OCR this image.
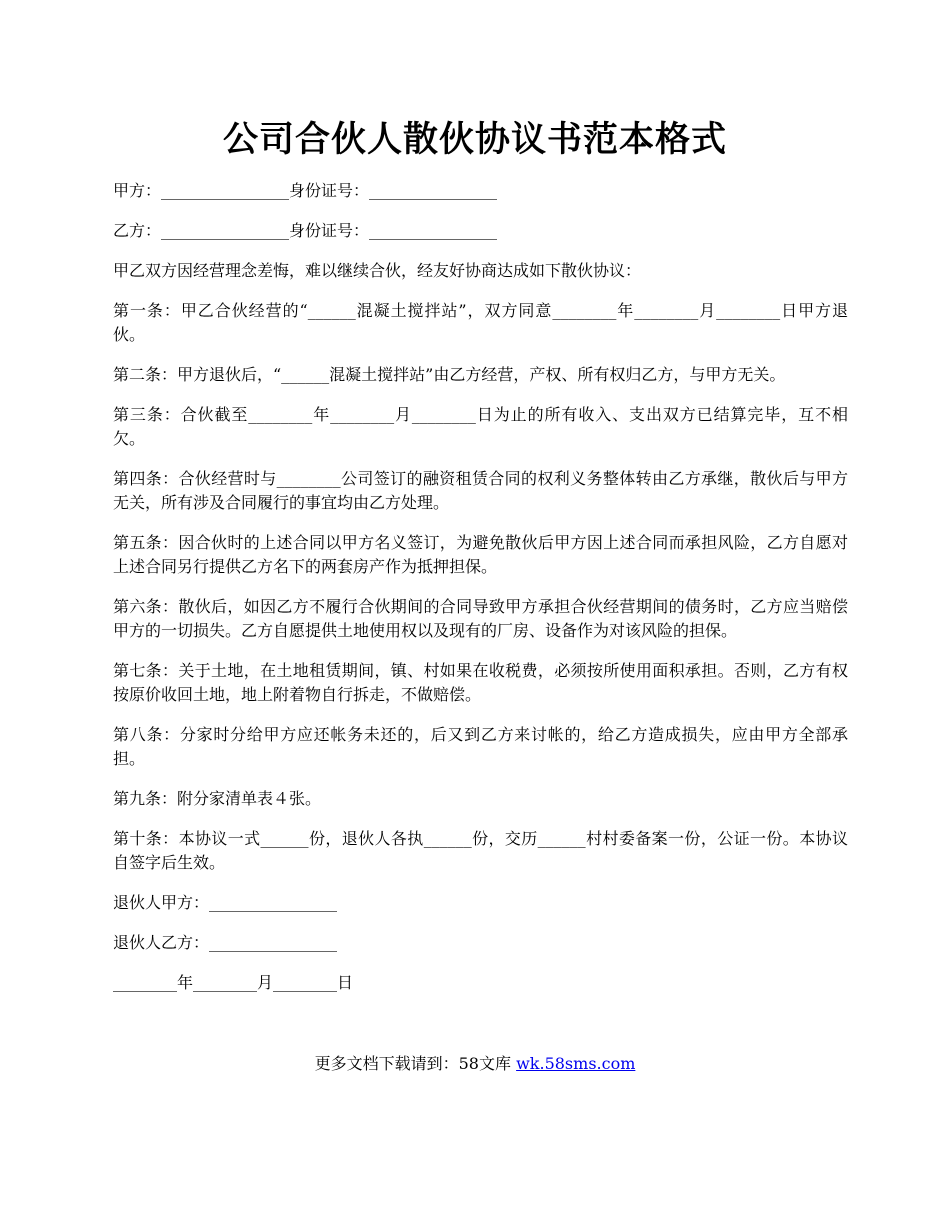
公司合伙人散伙协议书范本格式

甲方：________________身份证号：________________

乙方：________________身份证号：________________

甲乙双方因经营理念差悔，难以继续合伙，经友好协商达成如下散伙协议：

第一条：甲乙合伙经营的“______混凝土搅拌站”，双方同意________年________月________日甲方退伙。

第二条：甲方退伙后，“______混凝土搅拌站”由乙方经营，产权、所有权归乙方，与甲方无关。

第三条：合伙截至________年________月________日为止的所有收入、支出双方已结算完毕，互不相欠。

第四条：合伙经营时与________公司签订的融资租赁合同的权利义务整体转由乙方承继，散伙后与甲方无关，所有涉及合同履行的事宜均由乙方处理。

第五条：因合伙时的上述合同以甲方名义签订，为避免散伙后甲方因上述合同而承担风险，乙方自愿对上述合同另行提供乙方名下的两套房产作为抵押担保。

第六条：散伙后，如因乙方不履行合伙期间的合同导致甲方承担合伙经营期间的债务时，乙方应当赔偿甲方的一切损失。乙方自愿提供土地使用权以及现有的厂房、设备作为对该风险的担保。

第七条：关于土地，在土地租赁期间，镇、村如果在收税费，必须按所使用面积承担。否则，乙方有权按原价收回土地，地上附着物自行拆走，不做赔偿。

第八条：分家时分给甲方应还帐务未还的，后又到乙方来讨帐的，给乙方造成损失，应由甲方全部承担。

第九条：附分家清单表４张。

第十条：本协议一式______份，退伙人各执______份，交历______村村委备案一份，公证一份。本协议自签字后生效。

退伙人甲方：________________

退伙人乙方：________________

________年________月________日

更多文档下载请到：58文库 wk.58sms.com
